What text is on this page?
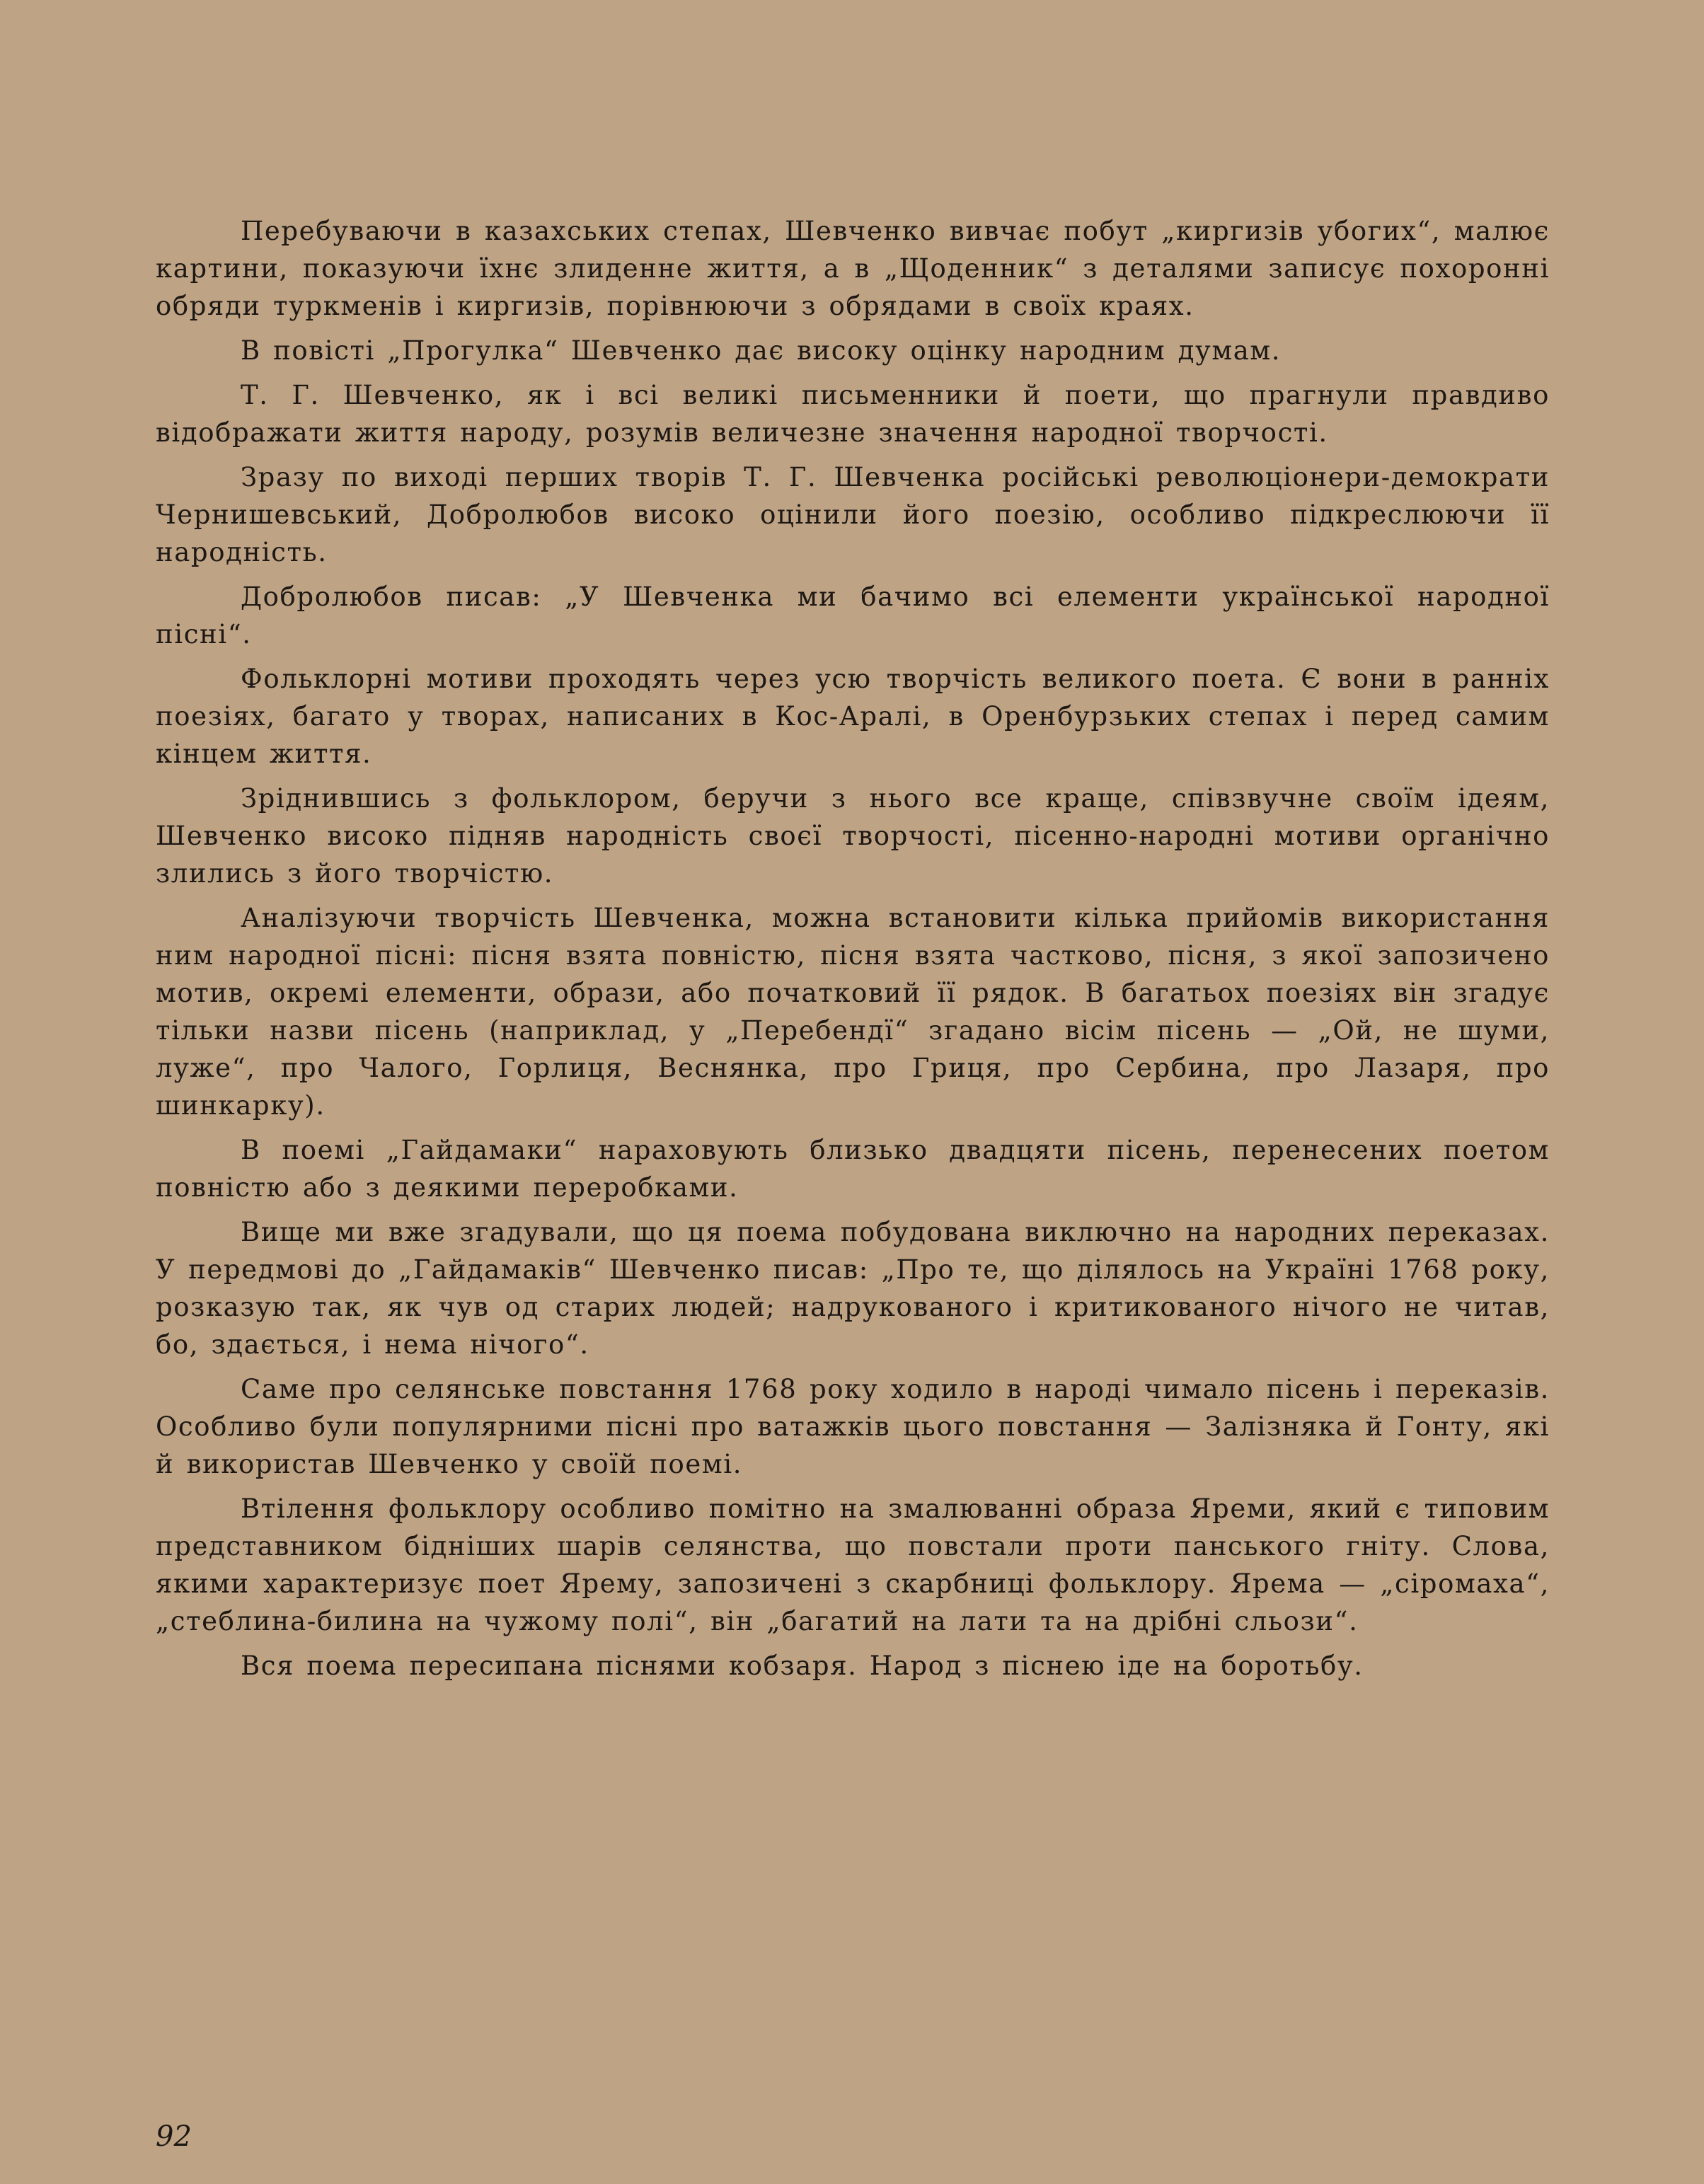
Перебуваючи в казахських степах, Шевченко вивчає побут „киргизів убогих“, малює картини, показуючи їхнє злиденне життя, а в „Щоденник“ з деталями записує похоронні обряди туркменів і киргизів, порівнюючи з обрядами в своїх краях.

В повісті „Прогулка“ Шевченко дає високу оцінку народним думам.

Т. Г. Шевченко, як і всі великі письменники й поети, що прагнули правдиво відображати життя народу, розумів величезне значення народної творчості.

Зразу по виході перших творів Т. Г. Шевченка російські революціонери-демократи Чернишевський, Добролюбов високо оцінили його поезію, особливо підкреслюючи її народність.

Добролюбов писав: „У Шевченка ми бачимо всі елементи української народної пісні“.

Фольклорні мотиви проходять через усю творчість великого поета. Є вони в ранніх поезіях, багато у творах, написаних в Кос-Аралі, в Оренбурзьких степах і перед самим кінцем життя.

Зріднившись з фольклором, беручи з нього все краще, співзвучне своїм ідеям, Шевченко високо підняв народність своєї творчості, пісенно-народні мотиви органічно злились з його творчістю.

Аналізуючи творчість Шевченка, можна встановити кілька прийомів використання ним народної пісні: пісня взята повністю, пісня взята частково, пісня, з якої запозичено мотив, окремі елементи, образи, або початковий її рядок. В багатьох поезіях він згадує тільки назви пісень (наприклад, у „Перебендї“ згадано вісім пісень — „Ой, не шуми, луже“, про Чалого, Горлиця, Веснянка, про Гриця, про Сербина, про Лазаря, про шинкарку).

В поемі „Гайдамаки“ нараховують близько двадцяти пісень, перенесених поетом повністю або з деякими переробками.

Вище ми вже згадували, що ця поема побудована виключно на народних переказах. У передмові до „Гайдамаків“ Шевченко писав: „Про те, що ділялось на Україні 1768 року, розказую так, як чув од старих людей; надрукованого і критикованого нічого не читав, бо, здається, і нема нічого“.

Саме про селянське повстання 1768 року ходило в народі чимало пісень і переказів. Особливо були популярними пісні про ватажків цього повстання — Залізняка й Гонту, які й використав Шевченко у своїй поемі.

Втілення фольклору особливо помітно на змалюванні образа Яреми, який є типовим представником бідніших шарів селянства, що повстали проти панського гніту. Слова, якими характеризує поет Ярему, запозичені з скарбниці фольклору. Ярема — „сіромаха“, „стеблина-билина на чужому полі“, він „багатий на лати та на дрібні сльози“.

Вся поема пересипана піснями кобзаря. Народ з піснею іде на боротьбу.

92
